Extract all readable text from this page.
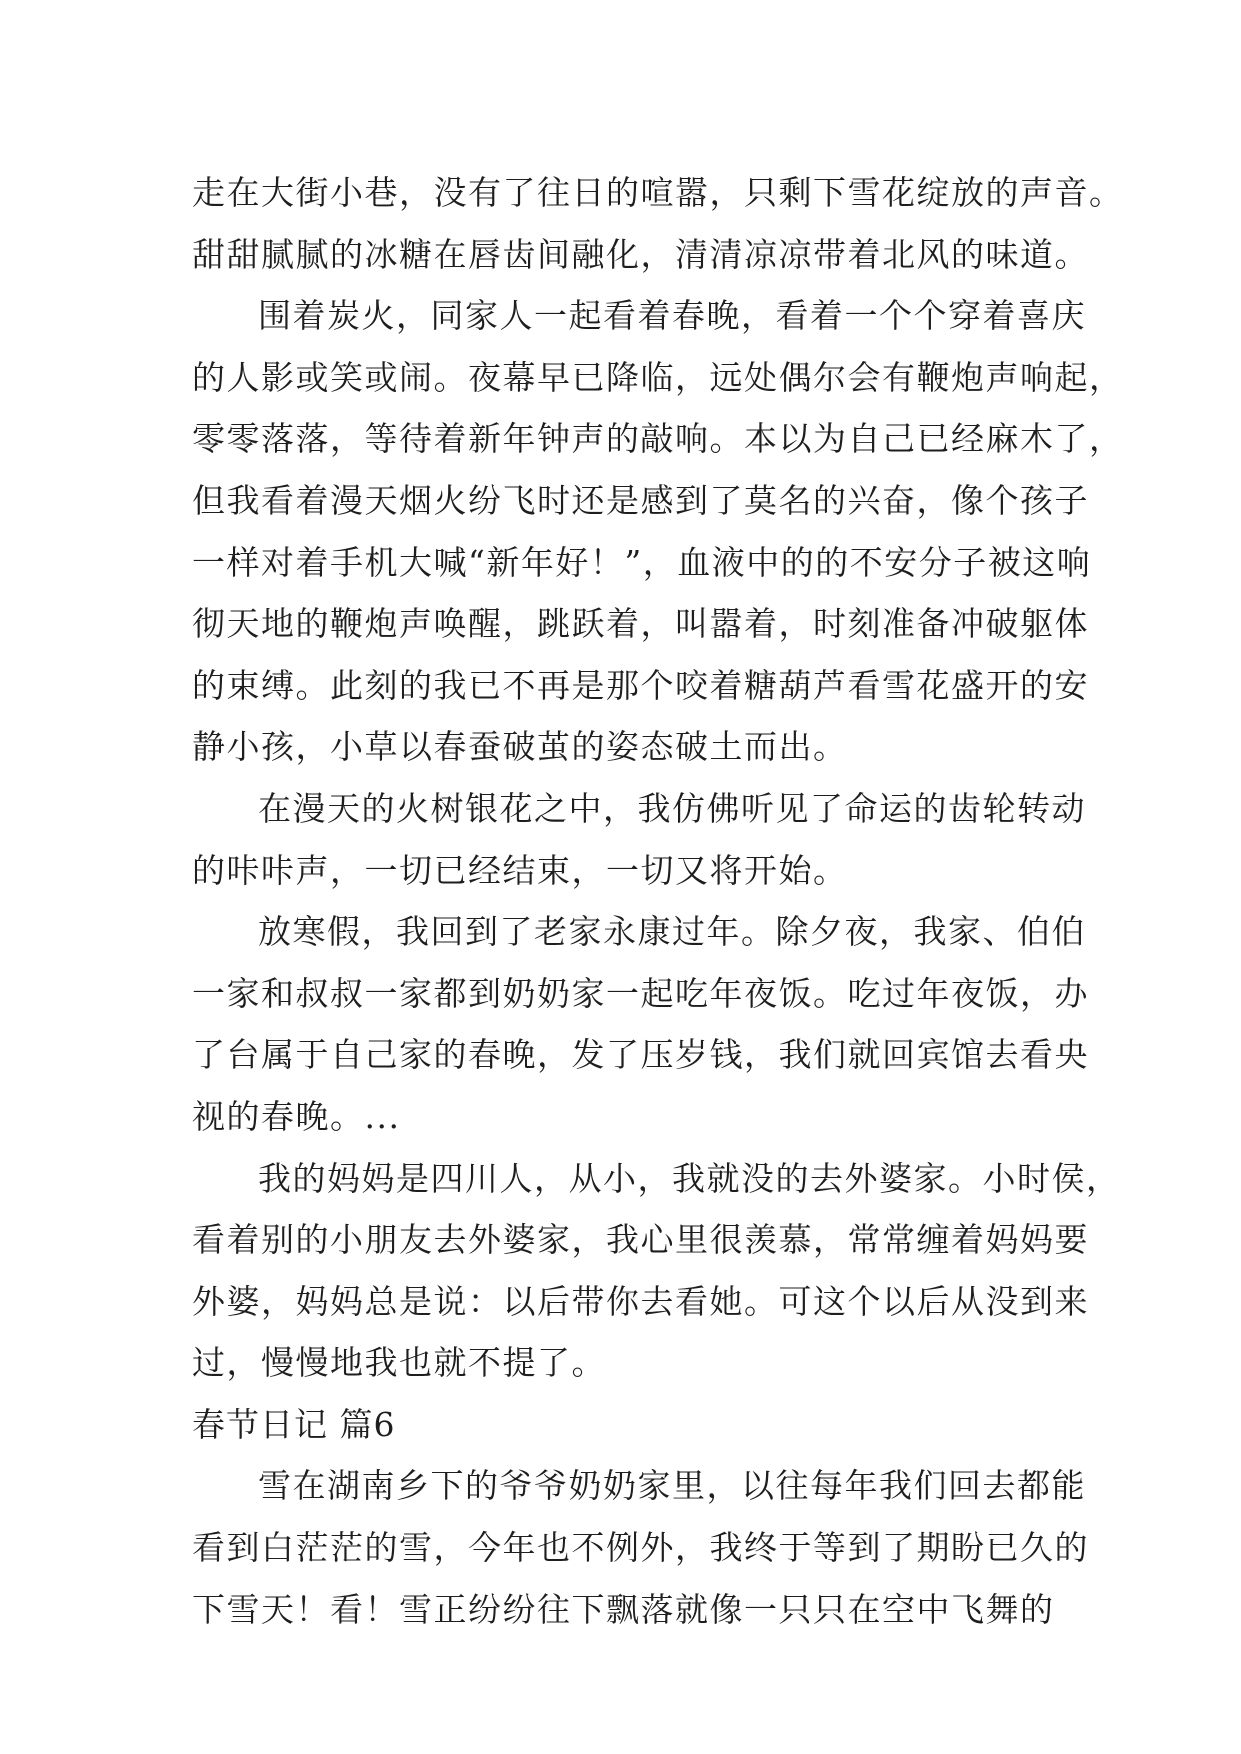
走在大街小巷，没有了往日的喧嚣，只剩下雪花绽放的声音。
甜甜腻腻的冰糖在唇齿间融化，清清凉凉带着北风的味道。
围着炭火，同家人一起看着春晚，看着一个个穿着喜庆
的人影或笑或闹。夜幕早已降临，远处偶尔会有鞭炮声响起，
零零落落，等待着新年钟声的敲响。本以为自己已经麻木了，
但我看着漫天烟火纷飞时还是感到了莫名的兴奋，像个孩子
一样对着手机大喊“新年好！”，血液中的的不安分子被这响
彻天地的鞭炮声唤醒，跳跃着，叫嚣着，时刻准备冲破躯体
的束缚。此刻的我已不再是那个咬着糖葫芦看雪花盛开的安
静小孩，小草以春蚕破茧的姿态破土而出。
在漫天的火树银花之中，我仿佛听见了命运的齿轮转动
的咔咔声，一切已经结束，一切又将开始。
放寒假，我回到了老家永康过年。除夕夜，我家、伯伯
一家和叔叔一家都到奶奶家一起吃年夜饭。吃过年夜饭，办
了台属于自己家的春晚，发了压岁钱，我们就回宾馆去看央
视的春晚。...
我的妈妈是四川人，从小，我就没的去外婆家。小时侯，
看着别的小朋友去外婆家，我心里很羡慕，常常缠着妈妈要
外婆，妈妈总是说：以后带你去看她。可这个以后从没到来
过，慢慢地我也就不提了。
春节日记 篇6
雪在湖南乡下的爷爷奶奶家里，以往每年我们回去都能
看到白茫茫的雪，今年也不例外，我终于等到了期盼已久的
下雪天！看！雪正纷纷往下飘落就像一只只在空中飞舞的
